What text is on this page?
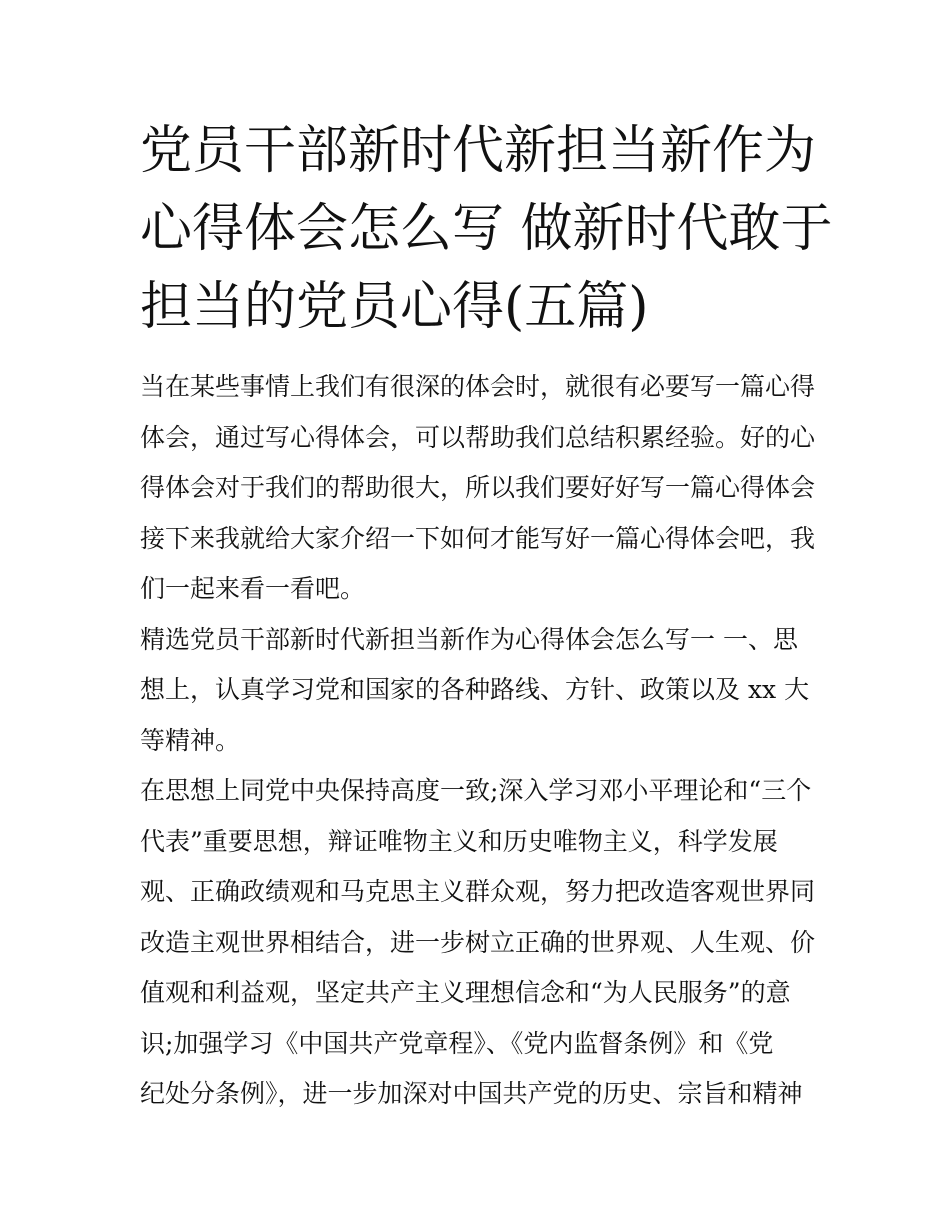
党员干部新时代新担当新作为
心得体会怎么写 做新时代敢于
担当的党员心得(五篇)
当在某些事情上我们有很深的体会时，就很有必要写一篇心得
体会，通过写心得体会，可以帮助我们总结积累经验。好的心
得体会对于我们的帮助很大，所以我们要好好写一篇心得体会
接下来我就给大家介绍一下如何才能写好一篇心得体会吧，我
们一起来看一看吧。
精选党员干部新时代新担当新作为心得体会怎么写一 一、思
想上，认真学习党和国家的各种路线、方针、政策以及 xx 大
等精神。
在思想上同党中央保持高度一致;深入学习邓小平理论和“三个
代表”重要思想，辩证唯物主义和历史唯物主义，科学发展
观、正确政绩观和马克思主义群众观，努力把改造客观世界同
改造主观世界相结合，进一步树立正确的世界观、人生观、价
值观和利益观，坚定共产主义理想信念和“为人民服务”的意
识;加强学习《中国共产党章程》、《党内监督条例》和《党
纪处分条例》，进一步加深对中国共产党的历史、宗旨和精神
